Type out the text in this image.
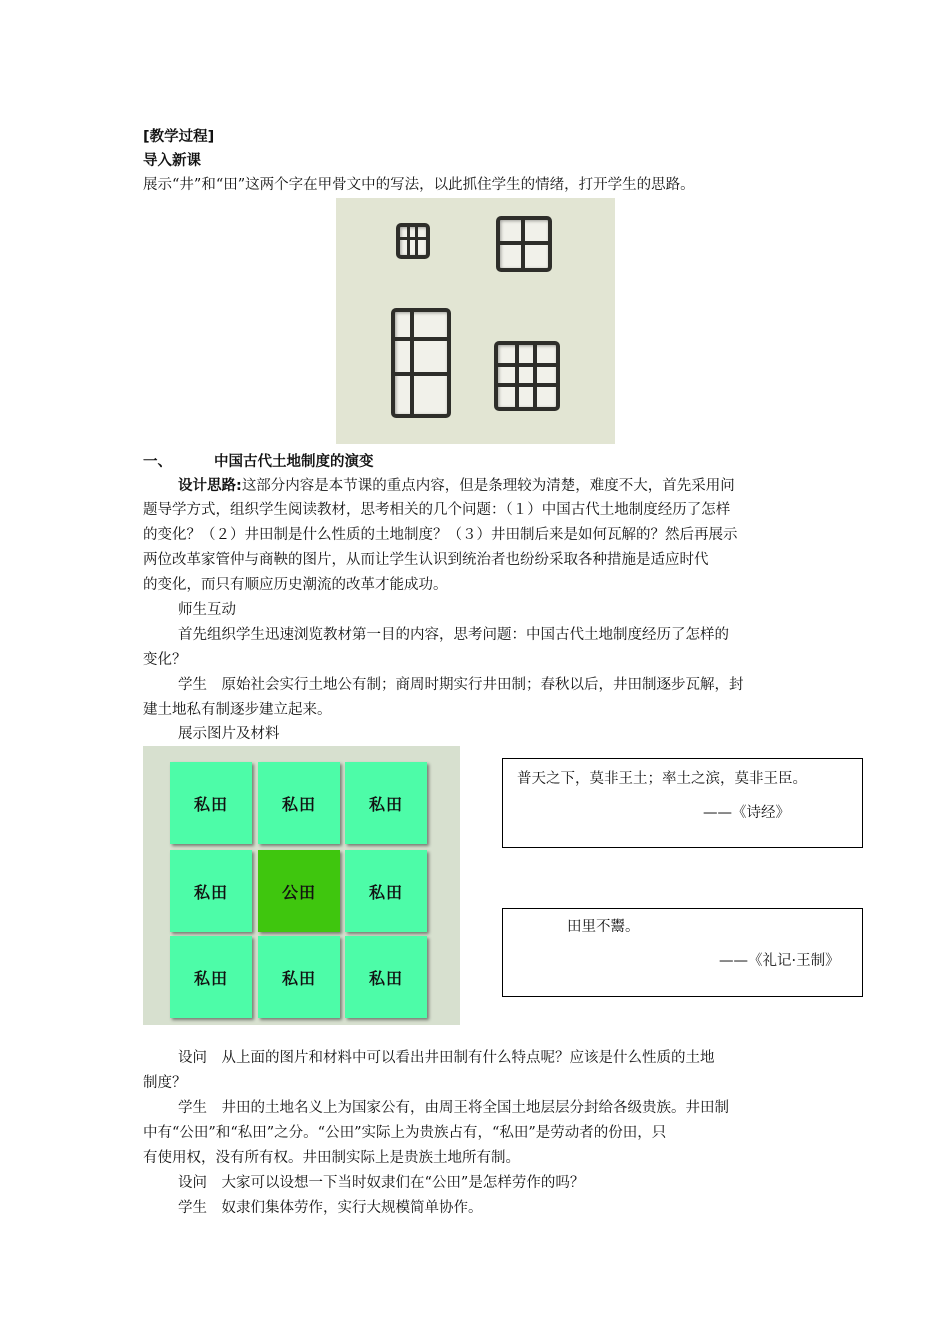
[教学过程]
导入新课
展示“井”和“田”这两个字在甲骨文中的写法，以此抓住学生的情绪，打开学生的思路。
一、	中国古代土地制度的演变
设计思路:这部分内容是本节课的重点内容，但是条理较为清楚，难度不大，首先采用问
题导学方式，组织学生阅读教材，思考相关的几个问题：（１）中国古代土地制度经历了怎样
的变化？（２）井田制是什么性质的土地制度？（３）井田制后来是如何瓦解的？然后再展示
两位改革家管仲与商鞅的图片，从而让学生认识到统治者也纷纷采取各种措施是适应时代
的变化，而只有顺应历史潮流的改革才能成功。
师生互动
首先组织学生迅速浏览教材第一目的内容，思考问题：中国古代土地制度经历了怎样的
变化？
学生　原始社会实行土地公有制；商周时期实行井田制；春秋以后，井田制逐步瓦解，封
建土地私有制逐步建立起来。
展示图片及材料
私田	私田	私田
私田	公田	私田
私田	私田	私田
普天之下，莫非王土；率土之滨，莫非王臣。
——《诗经》
田里不鬻。
——《礼记·王制》
设问　从上面的图片和材料中可以看出井田制有什么特点呢？应该是什么性质的土地
制度？
学生　井田的土地名义上为国家公有，由周王将全国土地层层分封给各级贵族。井田制
中有“公田”和“私田”之分。“公田”实际上为贵族占有，“私田”是劳动者的份田，只
有使用权，没有所有权。井田制实际上是贵族土地所有制。
设问　大家可以设想一下当时奴隶们在“公田”是怎样劳作的吗？
学生　奴隶们集体劳作，实行大规模简单协作。
